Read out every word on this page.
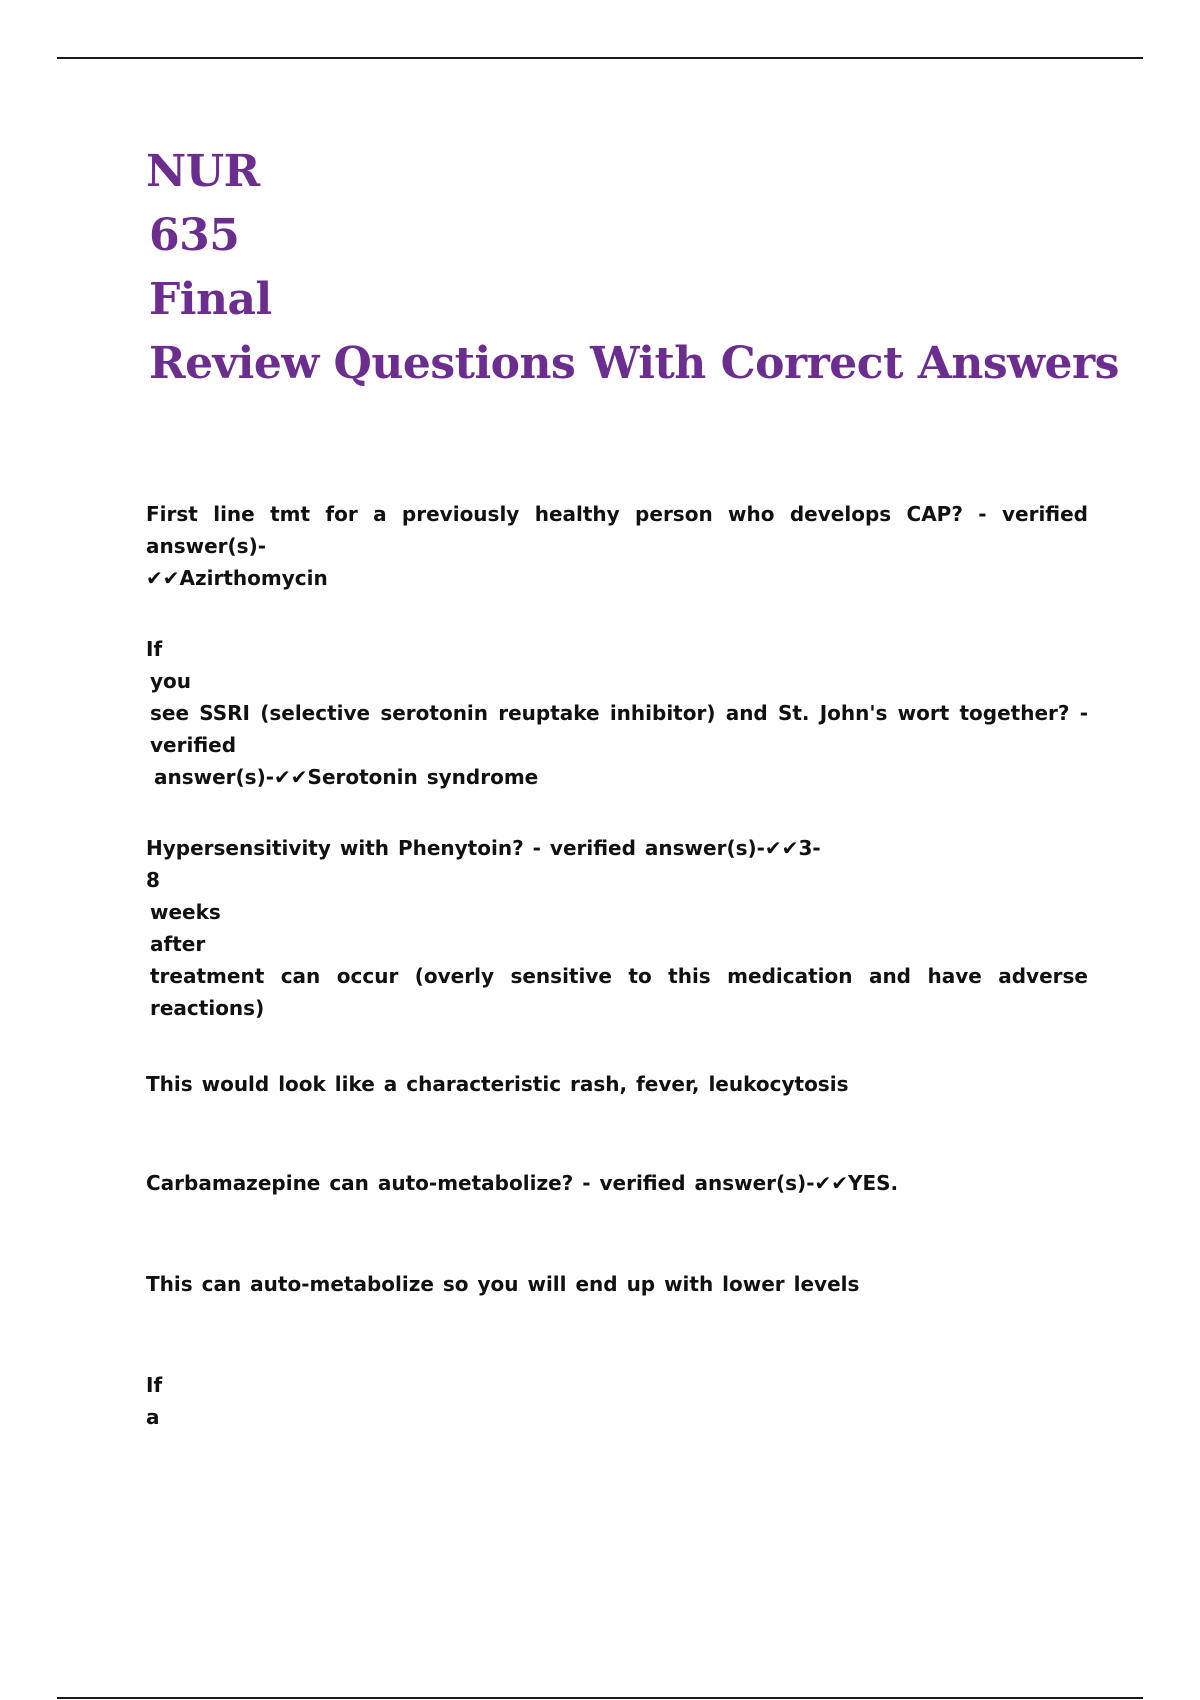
NUR
635
Final
Review Questions With Correct Answers
First line tmt for a previously healthy person who develops CAP? - verified answer(s)-
✔✔Azirthomycin
If
you
see SSRI (selective serotonin reuptake inhibitor) and St. John's wort together? - verified
answer(s)-✔✔Serotonin syndrome
Hypersensitivity with Phenytoin? - verified answer(s)-✔✔3-
8
weeks
after
treatment can occur (overly sensitive to this medication and have adverse reactions)
This would look like a characteristic rash, fever, leukocytosis
Carbamazepine can auto-metabolize? - verified answer(s)-✔✔YES.
This can auto-metabolize so you will end up with lower levels
If
a
